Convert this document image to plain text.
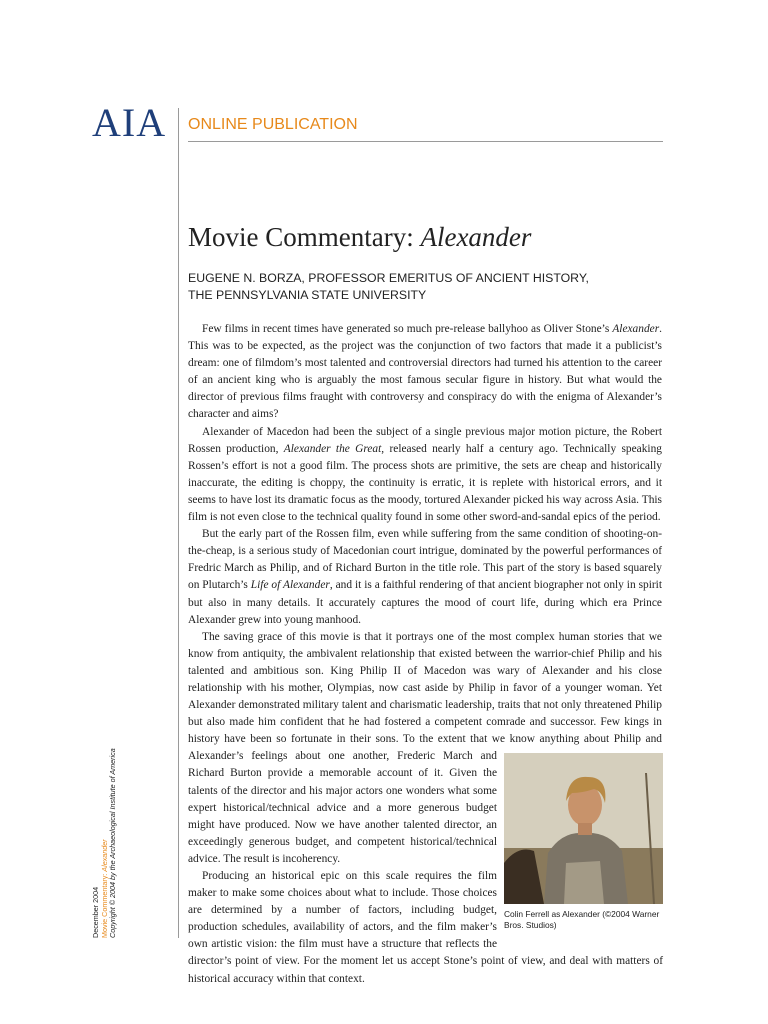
AIA ONLINE PUBLICATION
Movie Commentary: Alexander
EUGENE N. BORZA, PROFESSOR EMERITUS OF ANCIENT HISTORY,
THE PENNSYLVANIA STATE UNIVERSITY
Colin Ferrell as Alexander (©2004 Warner Bros. Studios)

Few films in recent times have generated so much pre-release ballyhoo as Oliver Stone’s Alexander. This was to be expected, as the project was the conjunction of two factors that made it a publicist’s dream: one of filmdom’s most talented and controversial directors had turned his attention to the career of an ancient king who is arguably the most famous secular figure in history. But what would the director of previous films fraught with controversy and conspiracy do with the enigma of Alexander’s character and aims?

Alexander of Macedon had been the subject of a single previous major motion picture, the Robert Rossen production, Alexander the Great, released nearly half a century ago. Technically speaking Rossen’s effort is not a good film. The process shots are primitive, the sets are cheap and historically inaccurate, the editing is choppy, the continuity is erratic, it is replete with historical errors, and it seems to have lost its dramatic focus as the moody, tortured Alexander picked his way across Asia. This film is not even close to the technical quality found in some other sword-and-sandal epics of the period.

But the early part of the Rossen film, even while suffering from the same condition of shooting-on-the-cheap, is a serious study of Macedonian court intrigue, dominated by the powerful performances of Fredric March as Philip, and of Richard Burton in the title role. This part of the story is based squarely on Plutarch’s Life of Alexander, and it is a faithful rendering of that ancient biographer not only in spirit but also in many details. It accurately captures the mood of court life, during which era Prince Alexander grew into young manhood.

The saving grace of this movie is that it portrays one of the most complex human stories that we know from antiquity, the ambivalent relationship that existed between the warrior-chief Philip and his talented and ambitious son. King Philip II of Macedon was wary of Alexander and his close relationship with his mother, Olympias, now cast aside by Philip in favor of a younger woman. Yet Alexander demonstrated military talent and charismatic leadership, traits that not only threatened Philip but also made him confident that he had fostered a competent comrade and successor. Few kings in history have been so fortunate in their sons. To the extent that we know anything about Philip and Alexander’s feelings about one another, Frederic March and Richard Burton provide a memorable account of it. Given the talents of the director and his major actors one wonders what some expert historical/technical advice and a more generous budget might have produced. Now we have another talented director, an exceedingly generous budget, and competent historical/technical advice. The result is incoherency.

Producing an historical epic on this scale requires the film maker to make some choices about what to include. Those choices are determined by a number of factors, including budget, production schedules, availability of actors, and the film maker’s own artistic vision: the film must have a structure that reflects the director’s point of view. For the moment let us accept Stone’s point of view, and deal with matters of historical accuracy within that context.

December 2004 Movie Commentary: Alexander Copyright © 2004 by the Archaeological Institute of America
